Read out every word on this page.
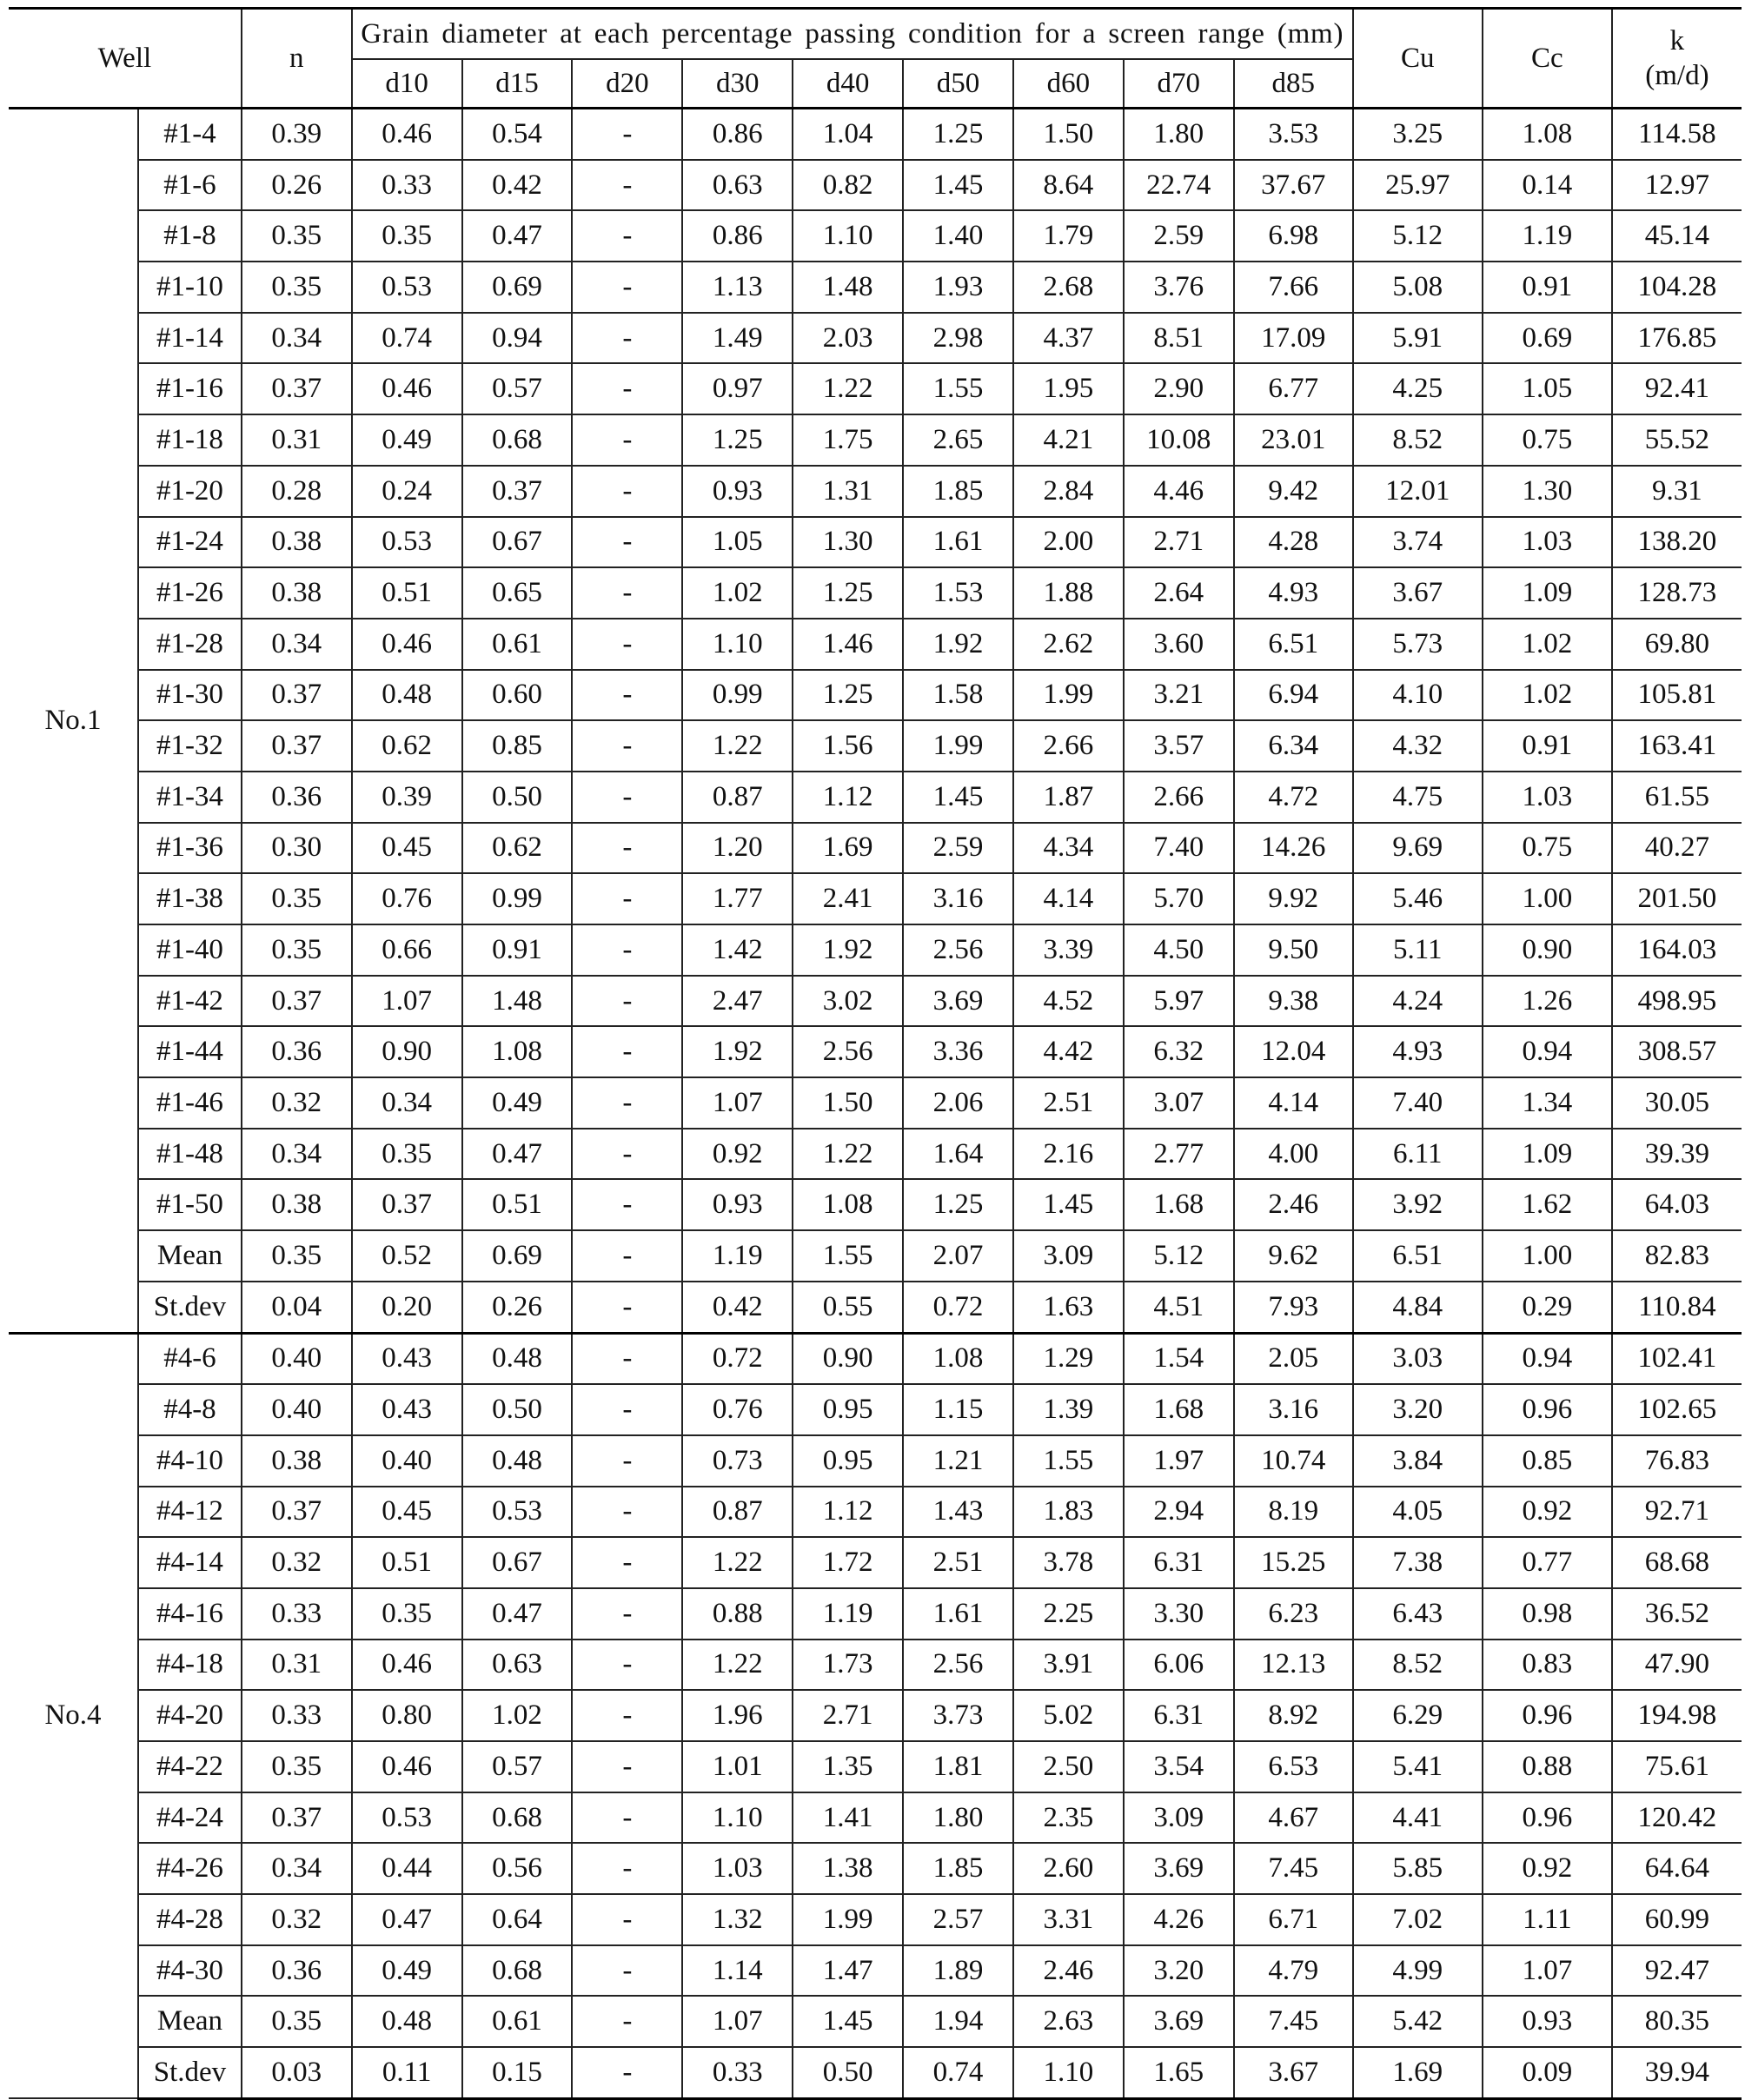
Well		n	Grain diameter at each percentage passing condition for a screen range (mm)									Cu	Cc	k
(m/d)
			d10	d15	d20	d30	d40	d50	d60	d70	d85			
No.1	#1-4	0.39	0.46	0.54	-	0.86	1.04	1.25	1.50	1.80	3.53	3.25	1.08	114.58
	#1-6	0.26	0.33	0.42	-	0.63	0.82	1.45	8.64	22.74	37.67	25.97	0.14	12.97
	#1-8	0.35	0.35	0.47	-	0.86	1.10	1.40	1.79	2.59	6.98	5.12	1.19	45.14
	#1-10	0.35	0.53	0.69	-	1.13	1.48	1.93	2.68	3.76	7.66	5.08	0.91	104.28
	#1-14	0.34	0.74	0.94	-	1.49	2.03	2.98	4.37	8.51	17.09	5.91	0.69	176.85
	#1-16	0.37	0.46	0.57	-	0.97	1.22	1.55	1.95	2.90	6.77	4.25	1.05	92.41
	#1-18	0.31	0.49	0.68	-	1.25	1.75	2.65	4.21	10.08	23.01	8.52	0.75	55.52
	#1-20	0.28	0.24	0.37	-	0.93	1.31	1.85	2.84	4.46	9.42	12.01	1.30	9.31
	#1-24	0.38	0.53	0.67	-	1.05	1.30	1.61	2.00	2.71	4.28	3.74	1.03	138.20
	#1-26	0.38	0.51	0.65	-	1.02	1.25	1.53	1.88	2.64	4.93	3.67	1.09	128.73
	#1-28	0.34	0.46	0.61	-	1.10	1.46	1.92	2.62	3.60	6.51	5.73	1.02	69.80
	#1-30	0.37	0.48	0.60	-	0.99	1.25	1.58	1.99	3.21	6.94	4.10	1.02	105.81
	#1-32	0.37	0.62	0.85	-	1.22	1.56	1.99	2.66	3.57	6.34	4.32	0.91	163.41
	#1-34	0.36	0.39	0.50	-	0.87	1.12	1.45	1.87	2.66	4.72	4.75	1.03	61.55
	#1-36	0.30	0.45	0.62	-	1.20	1.69	2.59	4.34	7.40	14.26	9.69	0.75	40.27
	#1-38	0.35	0.76	0.99	-	1.77	2.41	3.16	4.14	5.70	9.92	5.46	1.00	201.50
	#1-40	0.35	0.66	0.91	-	1.42	1.92	2.56	3.39	4.50	9.50	5.11	0.90	164.03
	#1-42	0.37	1.07	1.48	-	2.47	3.02	3.69	4.52	5.97	9.38	4.24	1.26	498.95
	#1-44	0.36	0.90	1.08	-	1.92	2.56	3.36	4.42	6.32	12.04	4.93	0.94	308.57
	#1-46	0.32	0.34	0.49	-	1.07	1.50	2.06	2.51	3.07	4.14	7.40	1.34	30.05
	#1-48	0.34	0.35	0.47	-	0.92	1.22	1.64	2.16	2.77	4.00	6.11	1.09	39.39
	#1-50	0.38	0.37	0.51	-	0.93	1.08	1.25	1.45	1.68	2.46	3.92	1.62	64.03
	Mean	0.35	0.52	0.69	-	1.19	1.55	2.07	3.09	5.12	9.62	6.51	1.00	82.83
	St.dev	0.04	0.20	0.26	-	0.42	0.55	0.72	1.63	4.51	7.93	4.84	0.29	110.84
No.4	#4-6	0.40	0.43	0.48	-	0.72	0.90	1.08	1.29	1.54	2.05	3.03	0.94	102.41
	#4-8	0.40	0.43	0.50	-	0.76	0.95	1.15	1.39	1.68	3.16	3.20	0.96	102.65
	#4-10	0.38	0.40	0.48	-	0.73	0.95	1.21	1.55	1.97	10.74	3.84	0.85	76.83
	#4-12	0.37	0.45	0.53	-	0.87	1.12	1.43	1.83	2.94	8.19	4.05	0.92	92.71
	#4-14	0.32	0.51	0.67	-	1.22	1.72	2.51	3.78	6.31	15.25	7.38	0.77	68.68
	#4-16	0.33	0.35	0.47	-	0.88	1.19	1.61	2.25	3.30	6.23	6.43	0.98	36.52
	#4-18	0.31	0.46	0.63	-	1.22	1.73	2.56	3.91	6.06	12.13	8.52	0.83	47.90
	#4-20	0.33	0.80	1.02	-	1.96	2.71	3.73	5.02	6.31	8.92	6.29	0.96	194.98
	#4-22	0.35	0.46	0.57	-	1.01	1.35	1.81	2.50	3.54	6.53	5.41	0.88	75.61
	#4-24	0.37	0.53	0.68	-	1.10	1.41	1.80	2.35	3.09	4.67	4.41	0.96	120.42
	#4-26	0.34	0.44	0.56	-	1.03	1.38	1.85	2.60	3.69	7.45	5.85	0.92	64.64
	#4-28	0.32	0.47	0.64	-	1.32	1.99	2.57	3.31	4.26	6.71	7.02	1.11	60.99
	#4-30	0.36	0.49	0.68	-	1.14	1.47	1.89	2.46	3.20	4.79	4.99	1.07	92.47
	Mean	0.35	0.48	0.61	-	1.07	1.45	1.94	2.63	3.69	7.45	5.42	0.93	80.35
	St.dev	0.03	0.11	0.15	-	0.33	0.50	0.74	1.10	1.65	3.67	1.69	0.09	39.94
